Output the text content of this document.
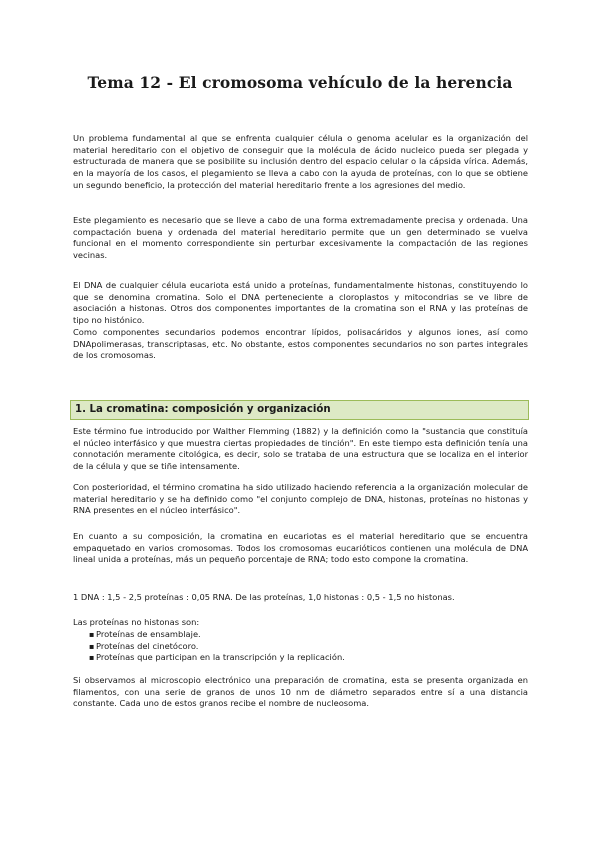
Tema 12 - El cromosoma vehículo de la herencia

Un problema fundamental al que se enfrenta cualquier célula o genoma acelular es la organización del material hereditario con el objetivo de conseguir que la molécula de ácido nucleico pueda ser plegada y estructurada de manera que se posibilite su inclusión dentro del espacio celular o la cápsida vírica. Además, en la mayoría de los casos, el plegamiento se lleva a cabo con la ayuda de proteínas, con lo que se obtiene un segundo beneficio, la protección del material hereditario frente a los agresiones del medio.

Este plegamiento es necesario que se lleve a cabo de una forma extremadamente precisa y ordenada. Una compactación buena y ordenada del material hereditario permite que un gen determinado se vuelva funcional en el momento correspondiente sin perturbar excesivamente la compactación de las regiones vecinas.

El DNA de cualquier célula eucariota está unido a proteínas, fundamentalmente histonas, constituyendo lo que se denomina cromatina. Solo el DNA perteneciente a cloroplastos y mitocondrias se ve libre de asociación a histonas. Otros dos componentes importantes de la cromatina son el RNA y las proteínas de tipo no histónico.

Como componentes secundarios podemos encontrar lípidos, polisacáridos y algunos iones, así como DNApolimerasas, transcriptasas, etc. No obstante, estos componentes secundarios no son partes integrales de los cromosomas.

1. La cromatina: composición y organización

Este término fue introducido por Walther Flemming (1882) y la definición como la "sustancia que constituía el núcleo interfásico y que muestra ciertas propiedades de tinción". En este tiempo esta definición tenía una connotación meramente citológica, es decir, solo se trataba de una estructura que se localiza en el interior de la célula y que se tiñe intensamente.

Con posterioridad, el término cromatina ha sido utilizado haciendo referencia a la organización molecular de material hereditario y se ha definido como "el conjunto complejo de DNA, histonas, proteínas no histonas y RNA presentes en el núcleo interfásico".

En cuanto a su composición, la cromatina en eucariotas es el material hereditario que se encuentra empaquetado en varios cromosomas. Todos los cromosomas eucarióticos contienen una molécula de DNA lineal unida a proteínas, más un pequeño porcentaje de RNA; todo esto compone la cromatina.

1 DNA : 1,5 - 2,5 proteínas : 0,05 RNA. De las proteínas, 1,0 histonas : 0,5 - 1,5 no histonas.

Las proteínas no histonas son:

▪ Proteínas de ensamblaje.
▪ Proteínas del cinetócoro.
▪ Proteínas que participan en la transcripción y la replicación.

Si observamos al microscopio electrónico una preparación de cromatina, esta se presenta organizada en filamentos, con una serie de granos de unos 10 nm de diámetro separados entre sí a una distancia constante. Cada uno de estos granos recibe el nombre de nucleosoma.
